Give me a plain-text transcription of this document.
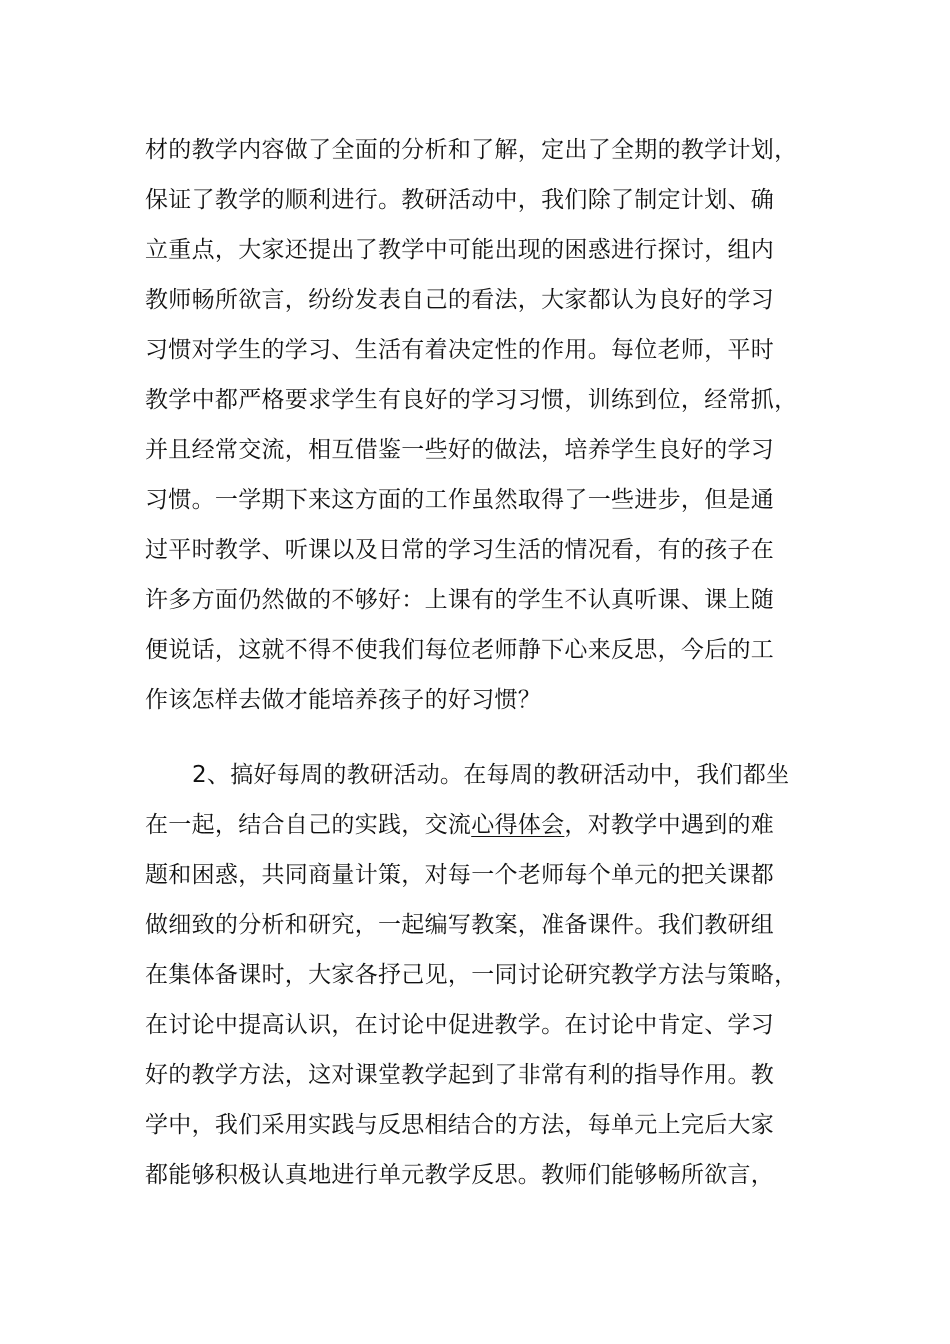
材的教学内容做了全面的分析和了解，定出了全期的教学计划，
保证了教学的顺利进行。教研活动中，我们除了制定计划、确
立重点，大家还提出了教学中可能出现的困惑进行探讨，组内
教师畅所欲言，纷纷发表自己的看法，大家都认为良好的学习
习惯对学生的学习、生活有着决定性的作用。每位老师，平时
教学中都严格要求学生有良好的学习习惯，训练到位，经常抓，
并且经常交流，相互借鉴一些好的做法，培养学生良好的学习
习惯。一学期下来这方面的工作虽然取得了一些进步，但是通
过平时教学、听课以及日常的学习生活的情况看，有的孩子在
许多方面仍然做的不够好：上课有的学生不认真听课、课上随
便说话，这就不得不使我们每位老师静下心来反思，今后的工
作该怎样去做才能培养孩子的好习惯？
2、搞好每周的教研活动。在每周的教研活动中，我们都坐
在一起，结合自己的实践，交流心得体会，对教学中遇到的难
题和困惑，共同商量计策，对每一个老师每个单元的把关课都
做细致的分析和研究，一起编写教案，准备课件。我们教研组
在集体备课时，大家各抒己见，一同讨论研究教学方法与策略，
在讨论中提高认识，在讨论中促进教学。在讨论中肯定、学习
好的教学方法，这对课堂教学起到了非常有利的指导作用。教
学中，我们采用实践与反思相结合的方法，每单元上完后大家
都能够积极认真地进行单元教学反思。教师们能够畅所欲言，
